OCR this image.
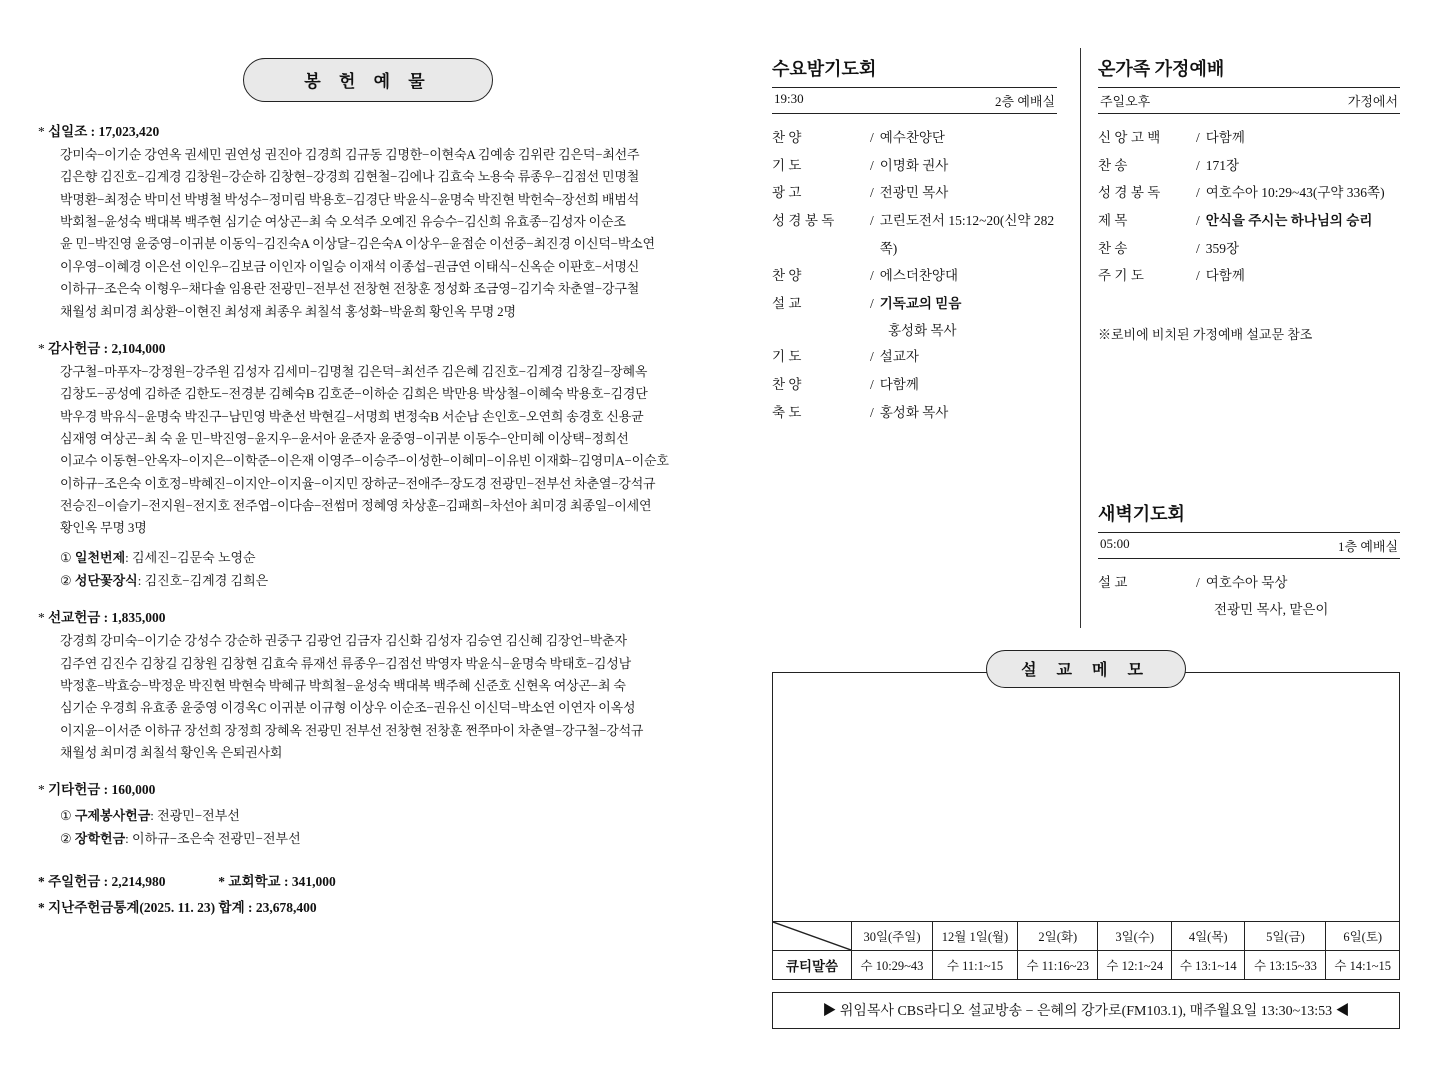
봉 헌 예 물
* 십일조 : 17,023,420
강미숙−이기순 강연옥 권세민 권연성 권진아 김경희 김규동 김명한−이현숙A 김예송 김위란 김은덕−최선주
김은향 김진호−김계경 김창원−강순하 김창현−강경희 김현철−김에나 김효숙 노용숙 류종우−김점선 민명철
박명환−최정순 박미선 박병철 박성수−정미림 박용호−김경단 박윤식−윤명숙 박진현 박헌숙−장선희 배범석
박회철−윤성숙 백대복 백주현 심기순 여상곤−최 숙 오석주 오예진 유승수−김신희 유효종−김성자 이순조
윤 민−박진영 윤중영−이귀분 이동익−김진숙A 이상달−김은숙A 이상우−윤점순 이선중−최진경 이신덕−박소연
이우영−이혜경 이은선 이인우−김보금 이인자 이일승 이재석 이종섭−권금연 이태식−신옥순 이판호−서명신
이하규−조은숙 이형우−채다솔 임용란 전광민−전부선 전창현 전창훈 정성화 조금영−김기숙 차춘열−강구철
채월성 최미경 최상환−이현진 최성재 최종우 최칠석 홍성화−박윤희 황인옥 무명 2명
* 감사헌금 : 2,104,000
강구철−마푸자−강정원−강주원 김성자 김세미−김명철 김은덕−최선주 김은혜 김진호−김계경 김창길−장혜옥
김창도−공성예 김하준 김한도−전경분 김혜숙B 김호준−이하순 김희은 박만용 박상철−이혜숙 박용호−김경단
박우경 박유식−윤명숙 박진구−남민영 박춘선 박현길−서명희 변정숙B 서순남 손인호−오연희 송경호 신용균
심재영 여상곤−최 숙 윤 민−박진영−윤지우−윤서아 윤준자 윤중영−이귀분 이동수−안미혜 이상택−정희선
이교수 이동현−안옥자−이지은−이학준−이은재 이영주−이승주−이성한−이혜미−이유빈 이재화−김영미A−이순호
이하규−조은숙 이호정−박혜진−이지안−이지율−이지민 장하군−전애주−장도경 전광민−전부선 차춘열−강석규
전승진−이슬기−전지원−전지호 전주엽−이다솜−전썸머 정혜영 차상훈−김패희−차선아 최미경 최종일−이세연
황인옥 무명 3명
① 일천번제: 김세진−김문숙 노영순
② 성단꽃장식: 김진호−김계경 김희은
* 선교헌금 : 1,835,000
강경희 강미숙−이기순 강성수 강순하 권중구 김광언 김금자 김신화 김성자 김승연 김신혜 김장언−박춘자
김주연 김진수 김창길 김창원 김창현 김효숙 류재선 류종우−김점선 박영자 박윤식−윤명숙 박태호−김성남
박정훈−박효승−박정운 박진현 박현숙 박혜규 박희철−윤성숙 백대복 백주혜 신준호 신현옥 여상곤−최 숙
심기순 우경희 유효종 윤중영 이경옥C 이귀분 이규형 이상우 이순조−권유신 이신덕−박소연 이연자 이옥성
이지윤−이서준 이하규 장선희 장정희 장혜옥 전광민 전부선 전창현 전창훈 쩐쭈마이 차춘열−강구철−강석규
채월성 최미경 최칠석 황인옥 은퇴권사회
* 기타헌금 : 160,000
① 구제봉사헌금: 전광민−전부선
② 장학헌금: 이하규−조은숙 전광민−전부선
* 주일헌금 : 2,214,980	* 교회학교 : 341,000
* 지난주헌금통계(2025. 11. 23) 합계 : 23,678,400
수요밤기도회
19:30	2층 예배실
찬 양	/ 예수찬양단
기 도	/ 이명화 권사
광 고	/ 전광민 목사
성 경 봉 독	/ 고린도전서 15:12~20(신약 282쪽)
찬 양	/ 에스더찬양대
설 교	/ 기독교의 믿음
홍성화 목사
기 도	/ 설교자
찬 양	/ 다함께
축 도	/ 홍성화 목사
온가족 가정예배
주일오후	가정에서
신 앙 고 백	/ 다함께
찬 송	/ 171장
성 경 봉 독	/ 여호수아 10:29~43(구약 336쪽)
제 목	/ 안식을 주시는 하나님의 승리
찬 송	/ 359장
주 기 도	/ 다함께
※로비에 비치된 가정예배 설교문 참조
새벽기도회
05:00	1층 예배실
설 교	/ 여호수아 묵상
전광민 목사, 맡은이
설 교 메 모
	30일(주일)	12월 1일(월)	2일(화)	3일(수)	4일(목)	5일(금)	6일(토)
큐티말씀	수 10:29~43	수 11:1~15	수 11:16~23	수 12:1~24	수 13:1~14	수 13:15~33	수 14:1~15
▶ 위임목사 CBS라디오 설교방송 − 은혜의 강가로(FM103.1), 매주월요일 13:30~13:53 ◀
